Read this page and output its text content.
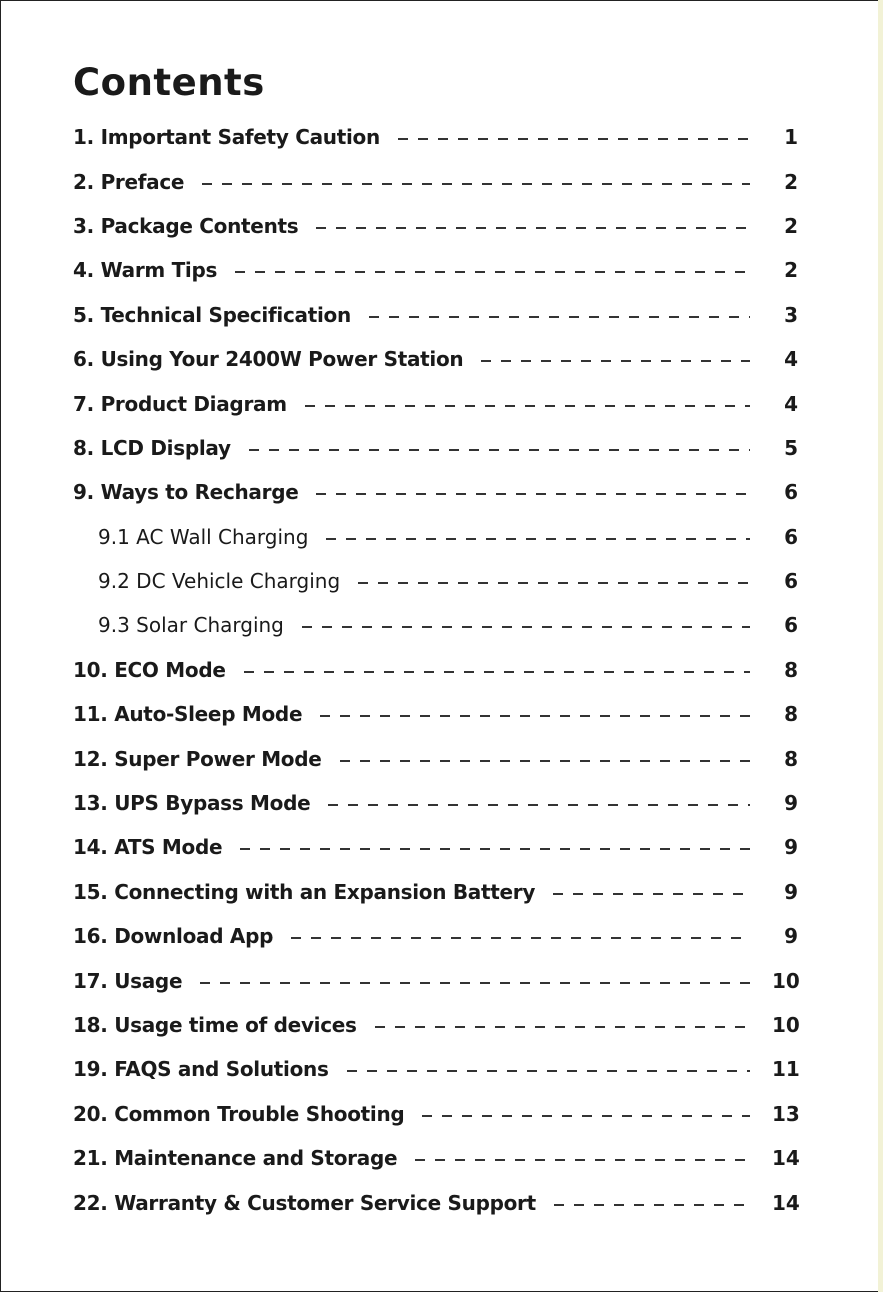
Contents
1. Important Safety Caution	1
2. Preface	2
3. Package Contents	2
4. Warm Tips	2
5. Technical Specification	3
6. Using Your 2400W Power Station	4
7. Product Diagram	4
8. LCD Display	5
9. Ways to Recharge	6
9.1 AC Wall Charging	6
9.2 DC Vehicle Charging	6
9.3 Solar Charging	6
10. ECO Mode	8
11. Auto-Sleep Mode	8
12. Super Power Mode	8
13. UPS Bypass Mode	9
14. ATS Mode	9
15. Connecting with an Expansion Battery	9
16. Download App	9
17. Usage	10
18. Usage time of devices	10
19. FAQS and Solutions	11
20. Common Trouble Shooting	13
21. Maintenance and Storage	14
22. Warranty & Customer Service Support	14
